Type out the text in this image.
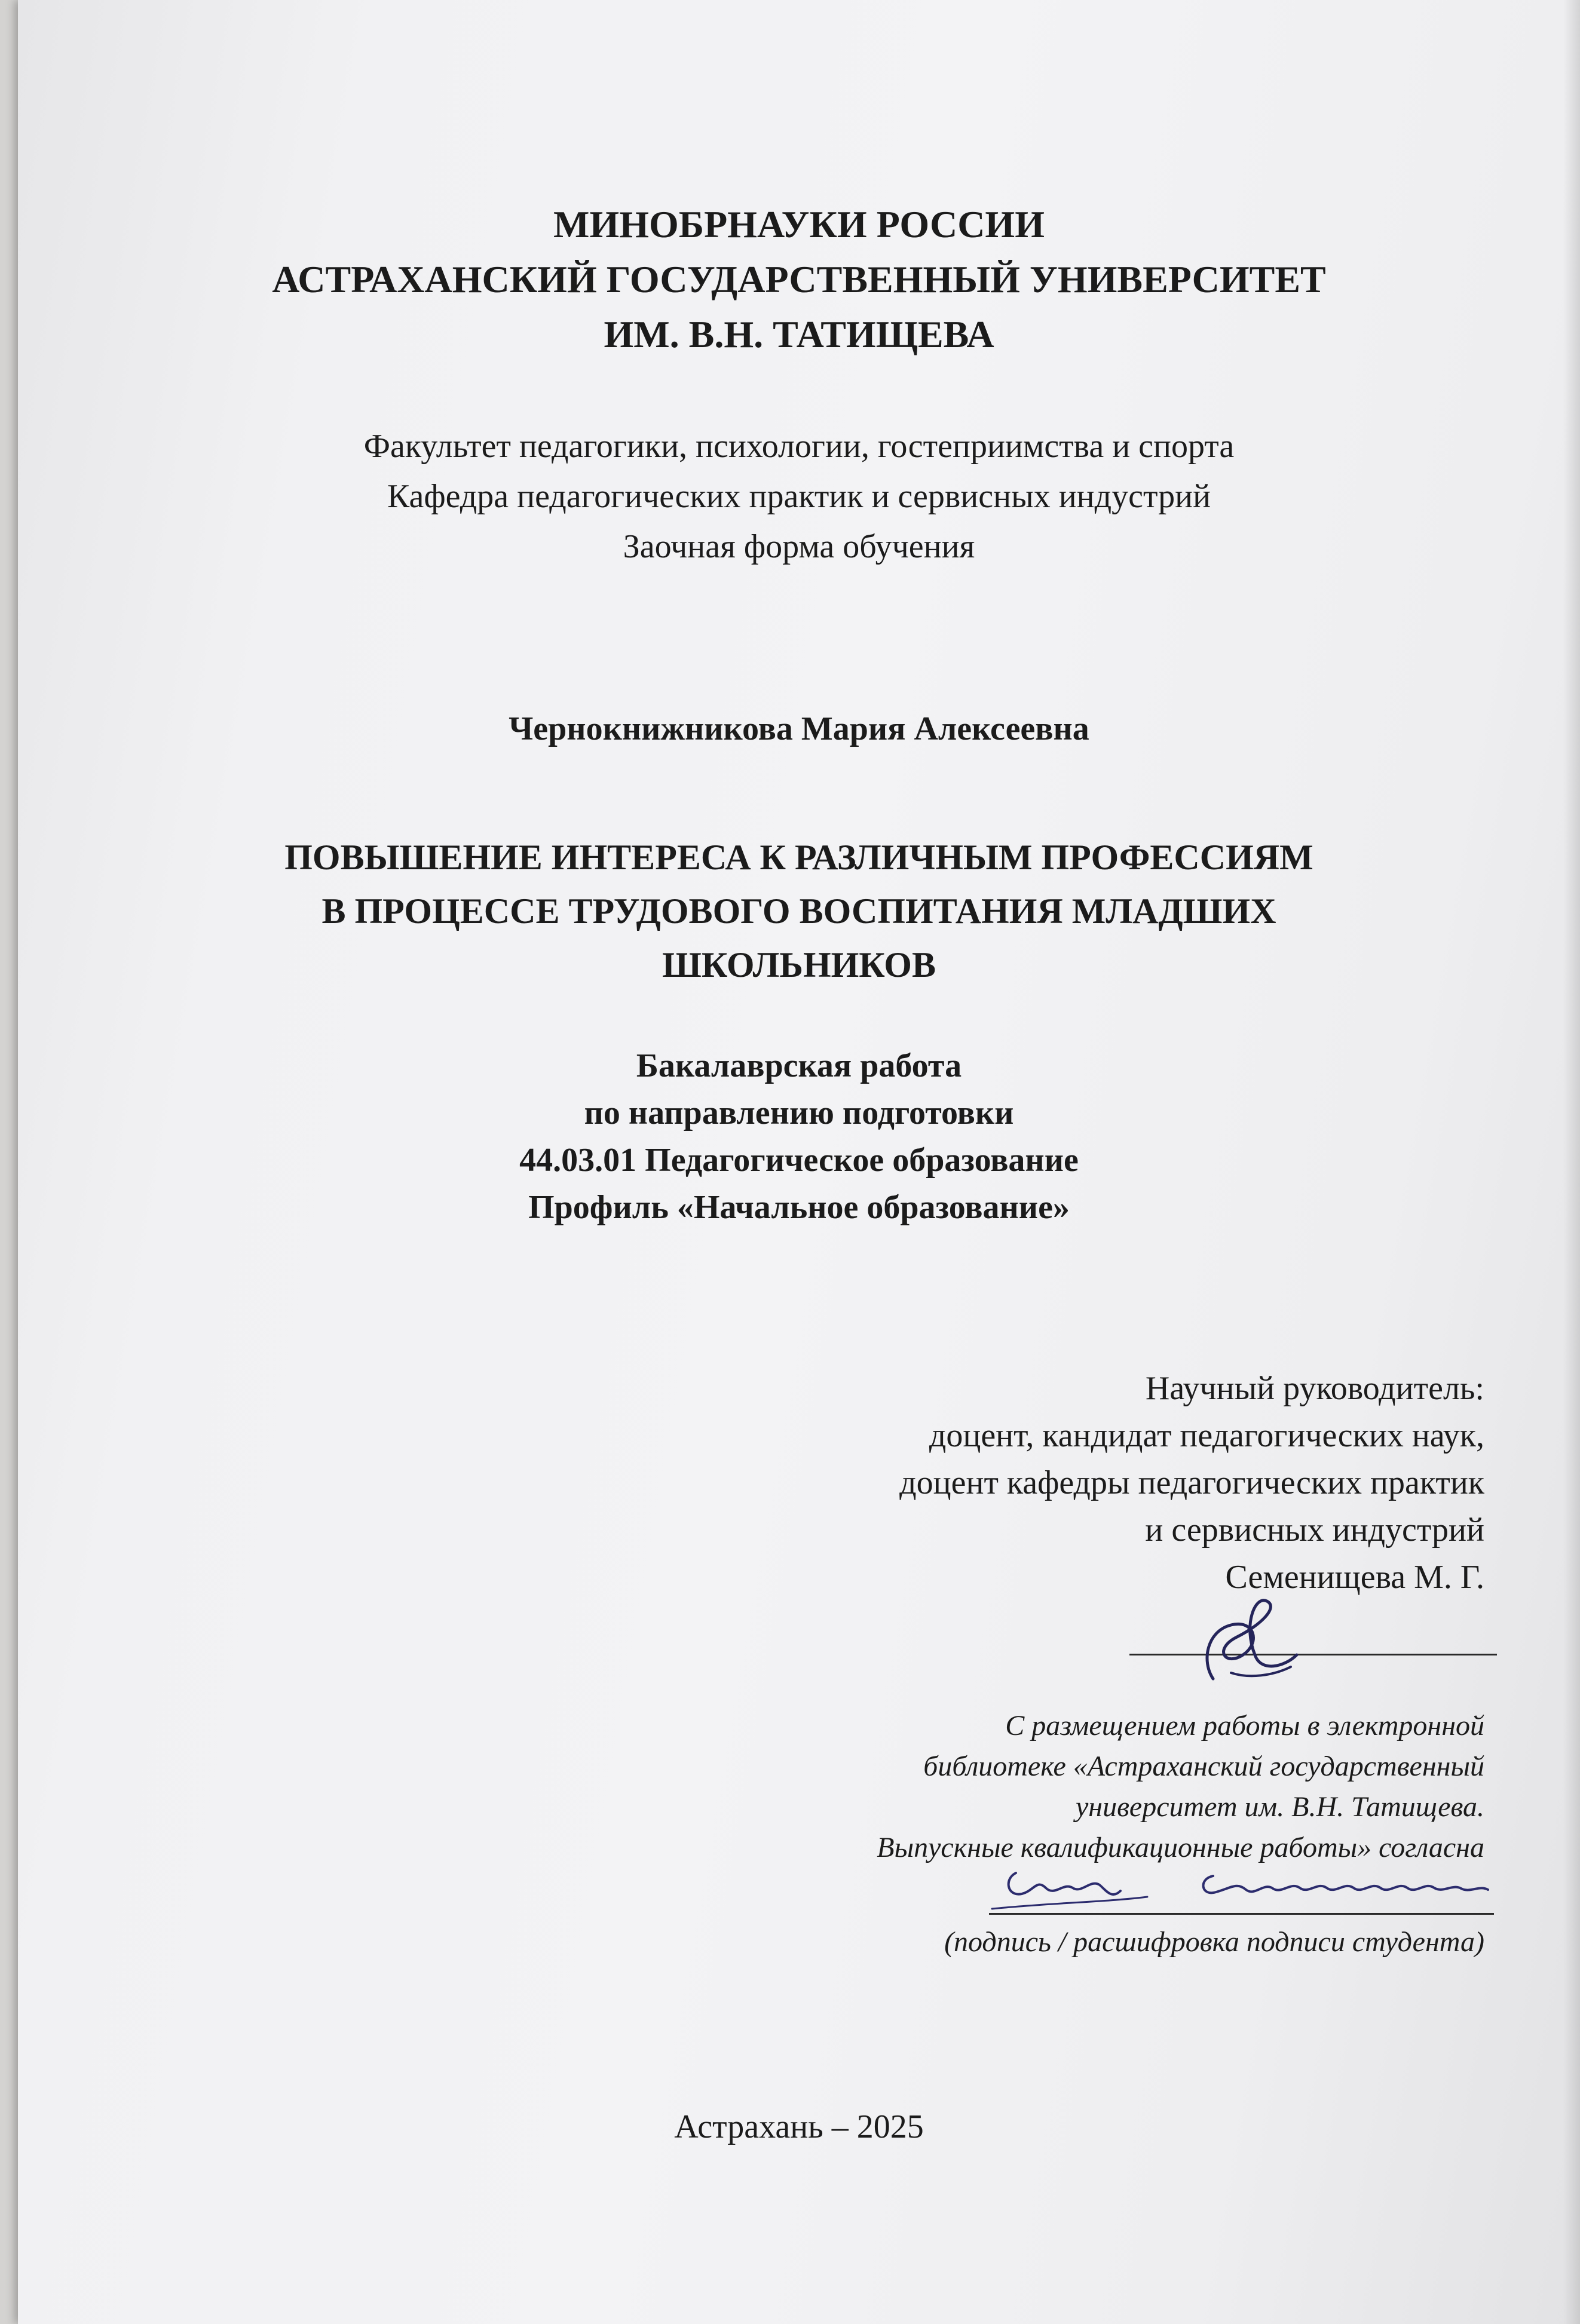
МИНОБРНАУКИ РОССИИ
АСТРАХАНСКИЙ ГОСУДАРСТВЕННЫЙ УНИВЕРСИТЕТ
ИМ. В.Н. ТАТИЩЕВА
Факультет педагогики, психологии, гостеприимства и спорта
Кафедра педагогических практик и сервисных индустрий
Заочная форма обучения
Чернокнижникова Мария Алексеевна
ПОВЫШЕНИЕ ИНТЕРЕСА К РАЗЛИЧНЫМ ПРОФЕССИЯМ
В ПРОЦЕССЕ ТРУДОВОГО ВОСПИТАНИЯ МЛАДШИХ
ШКОЛЬНИКОВ
Бакалаврская работа
по направлению подготовки
44.03.01 Педагогическое образование
Профиль «Начальное образование»
Научный руководитель:
доцент, кандидат педагогических наук,
доцент кафедры педагогических практик
и сервисных индустрий
Семенищева М. Г.
С размещением работы в электронной
библиотеке «Астраханский государственный
университет им. В.Н. Татищева.
Выпускные квалификационные работы» согласна
(подпись / расшифровка подписи студента)
Астрахань – 2025
